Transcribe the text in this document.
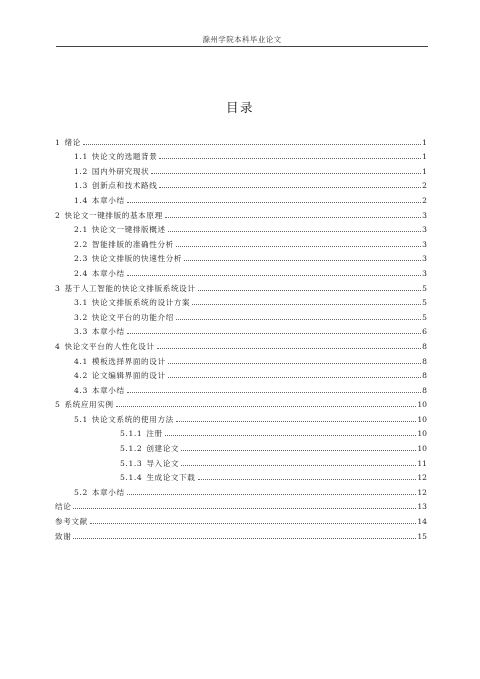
滁州学院本科毕业论文
目录
1 绪论	1
1.1 快论文的选题背景	1
1.2 国内外研究现状	1
1.3 创新点和技术路线	2
1.4 本章小结	2
2 快论文一键排版的基本原理	3
2.1 快论文一键排版概述	3
2.2 智能排版的准确性分析	3
2.3 快论文排版的快速性分析	3
2.4 本章小结	3
3 基于人工智能的快论文排版系统设计	5
3.1 快论文排版系统的设计方案	5
3.2 快论文平台的功能介绍	5
3.3 本章小结	6
4 快论文平台的人性化设计	8
4.1 模板选择界面的设计	8
4.2 论文编辑界面的设计	8
4.3 本章小结	8
5 系统应用实例	10
5.1 快论文系统的使用方法	10
5.1.1 注册	10
5.1.2 创建论文	10
5.1.3 导入论文	11
5.1.4 生成论文下载	12
5.2 本章小结	12
结论	13
参考文献	14
致谢	15
